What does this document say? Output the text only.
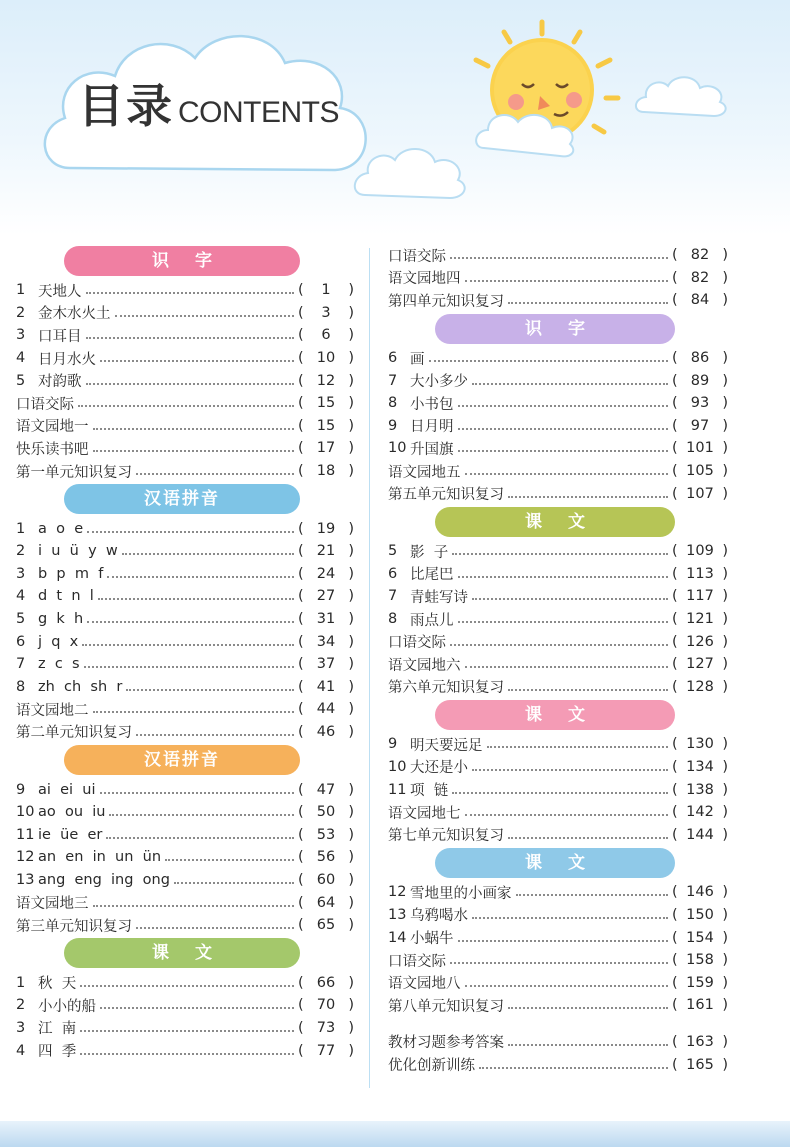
目录 CONTENTS
识字
1 天地人	( 1 )
2 金木水火土	( 3 )
3 口耳目	( 6 )
4 日月水火	( 10 )
5 对韵歌	( 12 )
口语交际	( 15 )
语文园地一	( 15 )
快乐读书吧	( 17 )
第一单元知识复习	( 18 )
汉语拼音
1 a  o  e	( 19 )
2 i  u  ü  y  w	( 21 )
3 b  p  m  f	( 24 )
4 d  t  n  l	( 27 )
5 g  k  h	( 31 )
6 j  q  x	( 34 )
7 z  c  s	( 37 )
8 zh  ch  sh  r	( 41 )
语文园地二	( 44 )
第二单元知识复习	( 46 )
汉语拼音
9 ai  ei  ui	( 47 )
10 ao  ou  iu	( 50 )
11 ie  üe  er	( 53 )
12 an  en  in  un  ün	( 56 )
13 ang  eng  ing  ong	( 60 )
语文园地三	( 64 )
第三单元知识复习	( 65 )
课文
1 秋  天	( 66 )
2 小小的船	( 70 )
3 江  南	( 73 )
4 四  季	( 77 )
口语交际	( 82 )
语文园地四	( 82 )
第四单元知识复习	( 84 )
识字
6 画	( 86 )
7 大小多少	( 89 )
8 小书包	( 93 )
9 日月明	( 97 )
10 升国旗	( 101 )
语文园地五	( 105 )
第五单元知识复习	( 107 )
课文
5 影  子	( 109 )
6 比尾巴	( 113 )
7 青蛙写诗	( 117 )
8 雨点儿	( 121 )
口语交际	( 126 )
语文园地六	( 127 )
第六单元知识复习	( 128 )
课文
9 明天要远足	( 130 )
10 大还是小	( 134 )
11 项  链	( 138 )
语文园地七	( 142 )
第七单元知识复习	( 144 )
课文
12 雪地里的小画家	( 146 )
13 乌鸦喝水	( 150 )
14 小蜗牛	( 154 )
口语交际	( 158 )
语文园地八	( 159 )
第八单元知识复习	( 161 )
教材习题参考答案	( 163 )
优化创新训练	( 165 )
